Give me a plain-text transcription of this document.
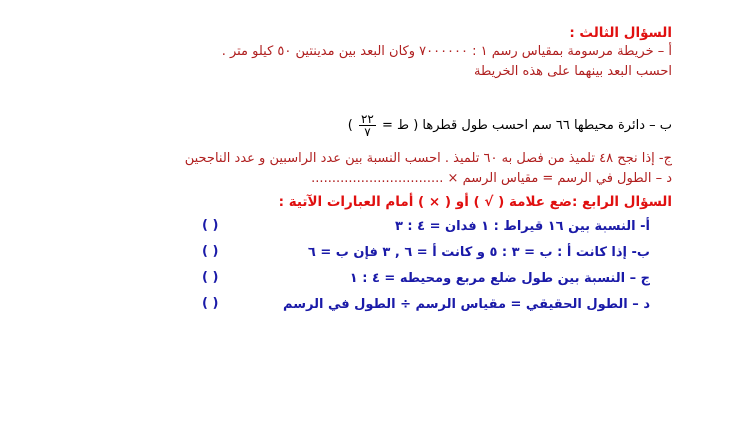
السؤال الثالث :
أ – خريطة مرسومة بمقياس رسم ١ : ٧٠٠٠٠٠٠ وكان البعد بين مدينتين ٥٠ كيلو متر .
احسب البعد بينهما على هذه الخريطة
ب – دائرة محيطها ٦٦ سم احسب طول قطرها ( ط =
$\frac{٢٢}{٧}$
)
ج- إذا نجح ٤٨ تلميذ من فصل به ٦٠ تلميذ . احسب النسبة بين عدد الراسبين و عدد الناجحين
د – الطول في الرسم = مقياس الرسم × ................................
السؤال الرابع :ضع علامة ( √ ) أو ( × ) أمام العبارات الآتية :
أ- النسبة بين ١٦ قيراط : ١ فدان = ٤ : ٣
( )
ب- إذا كانت أ : ب = ٣ : ٥ و كانت أ = ٦ , ٣ فإن ب = ٦
( )
ج – النسبة بين طول ضلع مربع ومحيطه = ٤ : ١
( )
د – الطول الحقيقي = مقياس الرسم ÷ الطول في الرسم
( )
